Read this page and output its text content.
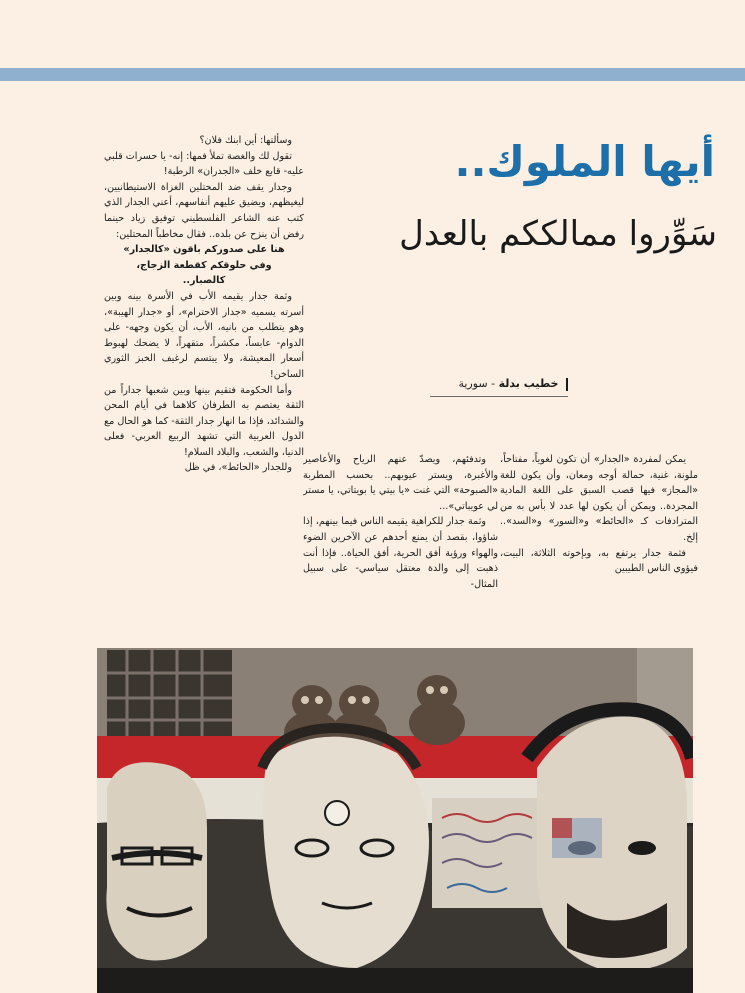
أيها الملوك..
سَوِّروا ممالككم بالعدل
خطيب بدلة - سورية

وسألتها: أين ابنك فلان؟

تقول لك والغصة تملأ فمها: إنه- يا حسرات قلبي عليه- قابع خلف «الجدران» الرطبة!

وجدار يقف ضد المحتلين الغزاة الاستيطانيين، ليغيظهم، ويضيق عليهم أنفاسهم، أعني الجدار الذي كتب عنه الشاعر الفلسطيني توفيق زياد حينما رفض أن ينزح عن بلده.. فقال مخاطباً المحتلين:

هنا على صدوركم باقون «كالجدار»

وفي حلوقكم كقطعة الزجاج،

كالصبار..

وثمة جدار يقيمه الأب في الأسرة بينه وبين أسرته يسميه «جدار الاحترام»، أو «جدار الهيبة»، وهو يتطلب من بانيه، الأب، أن يكون وجهه- على الدوام- عابساً، مكشراً، متقهراً، لا يضحك لهبوط أسعار المعيشة، ولا يبتسم لرغيف الخبز الثوري الساخن!

وأما الحكومة فتقيم بينها وبين شعبها جداراً من الثقة يعتصم به الطرفان كلاهما في أيام المحن والشدائد، فإذا ما انهار جدار الثقة- كما هو الحال مع الدول العربية التي تشهد الربيع العربي- فعلى الدنيا، والشعب، والبلاد السلام!

وللجدار «الحائط»، في ظل

وتدفئهم، ويصدّ عنهم الرياح والأعاصير والأغبرة، ويستر عيوبهم.. بحسب المطربة «الصبوحة» التي غنت «يا بيتي يا بويتاتي، يا مستر لي عويباتي»...

وثمة جدار للكراهية يقيمه الناس فيما بينهم، إذا شاؤوا، بقصد أن يمنع أحدهم عن الآخرين الضوء والهواء ورؤية أفق الحرية، أفق الحياة.. فإذا أنت ذهبت إلى والدة معتقل سياسي- على سبيل المثال-

يمكن لمفردة «الجدار» أن تكون لغوياً، مفتاحاً، ملونة، غنية، حمالة أوجه ومعان، وأن يكون للغة «المجاز» فيها قصب السبق على اللغة المادية المجردة.. ويمكن أن يكون لها عدد لا بأس به من المترادفات كـ «الحائط» و«السور» و«السد».. إلخ.

فثمة جدار يرتفع به، وبإخوته الثلاثة، البيت، فيؤوي الناس الطيبين
